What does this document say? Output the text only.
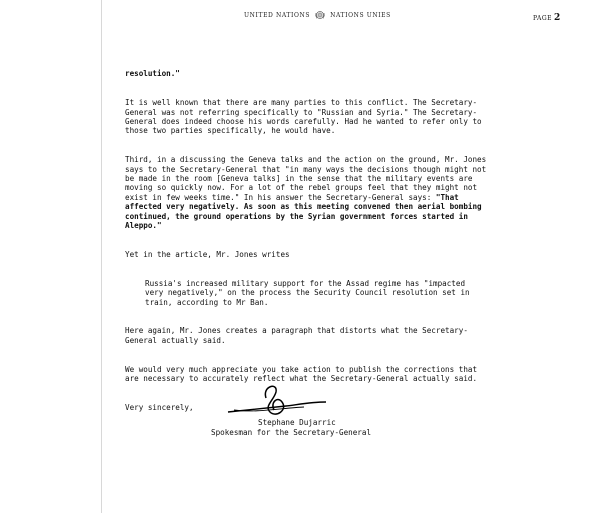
UNITED NATIONS	NATIONS UNIES	PAGE 2

resolution."

It is well known that there are many parties to this conflict. The Secretary-General was not referring specifically to "Russian and Syria." The Secretary-General does indeed choose his words carefully. Had he wanted to refer only to those two parties specifically, he would have.

Third, in a discussing the Geneva talks and the action on the ground, Mr. Jones says to the Secretary-General that "in many ways the decisions though might not be made in the room [Geneva talks] in the sense that the military events are moving so quickly now. For a lot of the rebel groups feel that they might not exist in few weeks time." In his answer the Secretary-General says: "That affected very negatively. As soon as this meeting convened then aerial bombing continued, the ground operations by the Syrian government forces started in Aleppo."

Yet in the article, Mr. Jones writes

Russia's increased military support for the Assad regime has "impacted very negatively," on the process the Security Council resolution set in train, according to Mr Ban.

Here again, Mr. Jones creates a paragraph that distorts what the Secretary-General actually said.

We would very much appreciate you take action to publish the corrections that are necessary to accurately reflect what the Secretary-General actually said.

Very sincerely,

Stephane Dujarric
Spokesman for the Secretary-General
